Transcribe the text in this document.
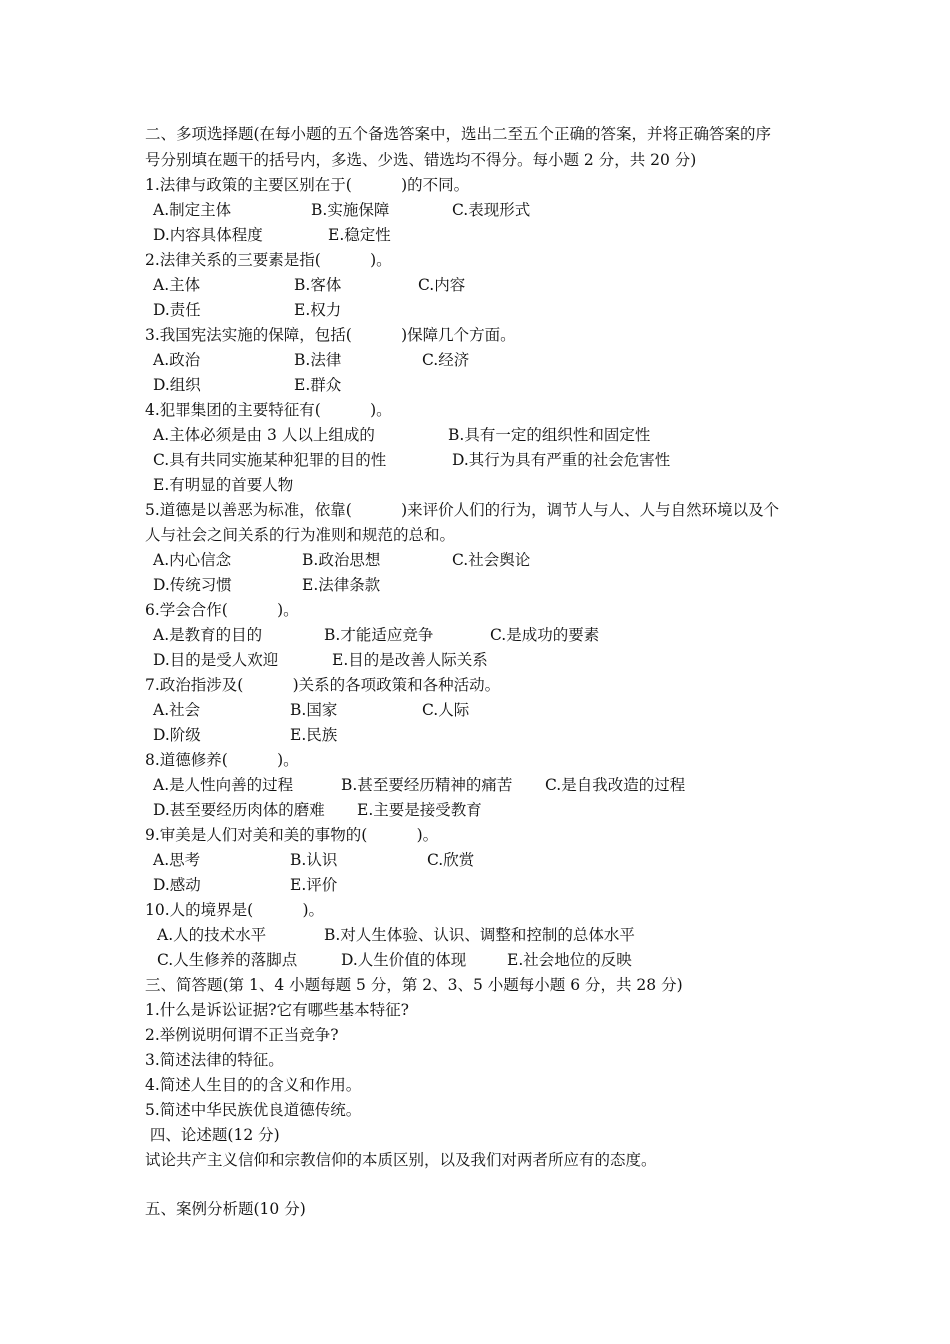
二、多项选择题(在每小题的五个备选答案中，选出二至五个正确的答案，并将正确答案的序
号分别填在题干的括号内，多选、少选、错选均不得分。每小题 2 分，共 20 分)
1.法律与政策的主要区别在于(          )的不同。
A.制定主体	B.实施保障	C.表现形式
D.内容具体程度	E.稳定性
2.法律关系的三要素是指(          )。
A.主体	B.客体	C.内容
D.责任	E.权力
3.我国宪法实施的保障，包括(          )保障几个方面。
A.政治	B.法律	C.经济
D.组织	E.群众
4.犯罪集团的主要特征有(          )。
A.主体必须是由 3 人以上组成的	B.具有一定的组织性和固定性
C.具有共同实施某种犯罪的目的性	D.其行为具有严重的社会危害性
E.有明显的首要人物
5.道德是以善恶为标准，依靠(          )来评价人们的行为，调节人与人、人与自然环境以及个
人与社会之间关系的行为准则和规范的总和。
A.内心信念	B.政治思想	C.社会舆论
D.传统习惯	E.法律条款
6.学会合作(          )。
A.是教育的目的	B.才能适应竞争	C.是成功的要素
D.目的是受人欢迎	E.目的是改善人际关系
7.政治指涉及(          )关系的各项政策和各种活动。
A.社会	B.国家	C.人际
D.阶级	E.民族
8.道德修养(          )。
A.是人性向善的过程	B.甚至要经历精神的痛苦 C.是自我改造的过程
D.甚至要经历肉体的磨难 E.主要是接受教育
9.审美是人们对美和美的事物的(          )。
A.思考	B.认识	C.欣赏
D.感动	E.评价
10.人的境界是(          )。
A.人的技术水平	B.对人生体验、认识、调整和控制的总体水平
C.人生修养的落脚点	D.人生价值的体现	E.社会地位的反映
三、简答题(第 1、4 小题每题 5 分，第 2、3、5 小题每小题 6 分，共 28 分)
1.什么是诉讼证据?它有哪些基本特征?
2.举例说明何谓不正当竞争?
3.简述法律的特征。
4.简述人生目的的含义和作用。
5.简述中华民族优良道德传统。
四、论述题(12 分)
试论共产主义信仰和宗教信仰的本质区别，以及我们对两者所应有的态度。
五、案例分析题(10 分)
